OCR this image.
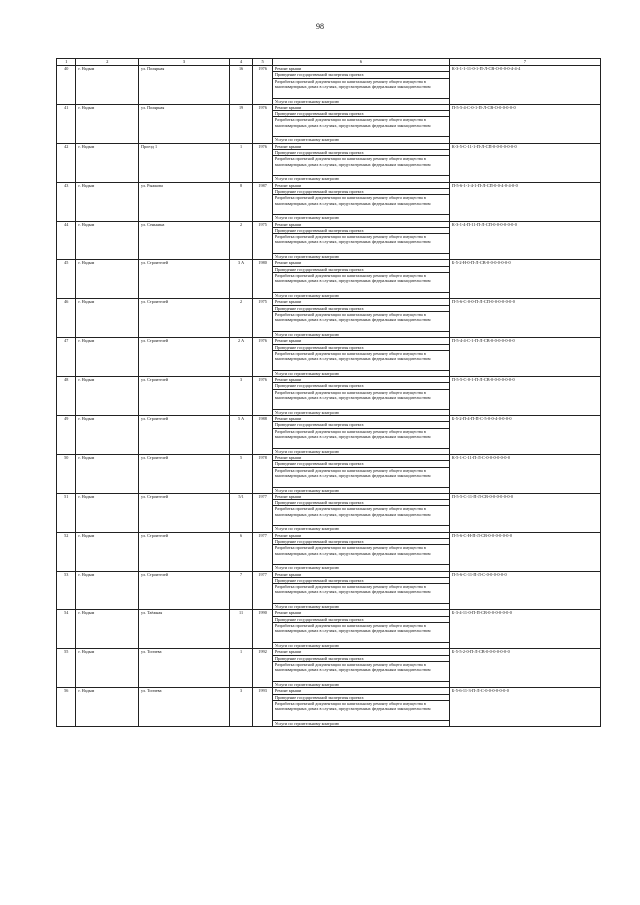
98
1	2	3	4	5	6	7
40	г. Надым	ул. Полярная	16	1976	Ремонт крыши	К-3-1-1-11-0-1-П-Л-СВ-О-0-0-0-4-4-4
					Проведение государственной экспертизы проекта	
					Разработка проектной документации по капитальному ремонту общего имущества в многоквартирных домах в случаях, предусмотренных федеральным законодательством	
					Услуги по строительному контролю	
41	г. Надым	ул. Полярная	19	1976	Ремонт крыши	П-5-5-4-С-0-1-П-Л-СВ-О-0-0-0-0-0
					Проведение государственной экспертизы проекта	
					Разработка проектной документации по капитальному ремонту общего имущества в многоквартирных домах в случаях, предусмотренных федеральным законодательством	
					Услуги по строительному контролю	
42	г. Надым	Проезд 1	1	1976	Ремонт крыши	К-3-5-С-11-1-П-Л-СП-0-0-0-0-0-0-0
					Проведение государственной экспертизы проекта	
					Разработка проектной документации по капитальному ремонту общего имущества в многоквартирных домах в случаях, предусмотренных федеральным законодательством	
					Услуги по строительному контролю	
43	г. Надым	ул. Рыжкова	8	1987	Ремонт крыши	П-5-6-1-1-4-1-П-Л-СП-0-0-4-0-4-0-0
					Проведение государственной экспертизы проекта	
					Разработка проектной документации по капитальному ремонту общего имущества в многоквартирных домах в случаях, предусмотренных федеральным законодательством	
					Услуги по строительному контролю	
44	г. Надым	ул. Сенькина	2	1975	Ремонт крыши	К-3-1-4-П-11-П-Л-СП-0-0-0-0-0-0-0
					Проведение государственной экспертизы проекта	
					Разработка проектной документации по капитальному ремонту общего имущества в многоквартирных домах в случаях, предусмотренных федеральным законодательством	
					Услуги по строительному контролю	
45	г. Надым	ул. Строителей	3 А	1980	Ремонт крыши	Б-5-2-Н-0-П-Л-СВ-0-0-0-0-0-0-0
					Проведение государственной экспертизы проекта	
					Разработка проектной документации по капитальному ремонту общего имущества в многоквартирных домах в случаях, предусмотренных федеральным законодательством	
					Услуги по строительному контролю	
46	г. Надым	ул. Строителей	2	1975	Ремонт крыши	П-5-6-С-0-0-П-Л-СП-0-0-0-0-0-0-0
					Проведение государственной экспертизы проекта	
					Разработка проектной документации по капитальному ремонту общего имущества в многоквартирных домах в случаях, предусмотренных федеральным законодательством	
					Услуги по строительному контролю	
47	г. Надым	ул. Строителей	2 А	1976	Ремонт крыши	П-5-4-4-С-1-П-Л-СВ-0-0-0-0-0-0-0
					Проведение государственной экспертизы проекта	
					Разработка проектной документации по капитальному ремонту общего имущества в многоквартирных домах в случаях, предусмотренных федеральным законодательством	
					Услуги по строительному контролю	
48	г. Надым	ул. Строителей	3	1976	Ремонт крыши	П-5-5-С-0-1-П-Л-СВ-0-0-0-0-0-0-0
					Проведение государственной экспертизы проекта	
					Разработка проектной документации по капитальному ремонту общего имущества в многоквартирных домах в случаях, предусмотренных федеральным законодательством	
					Услуги по строительному контролю	
49	г. Надым	ул. Строителей	5 А	1988	Ремонт крыши	Б-5-2-П-4-П-П-С-5-0-0-4-0-0-0-0
					Проведение государственной экспертизы проекта	
					Разработка проектной документации по капитальному ремонту общего имущества в многоквартирных домах в случаях, предусмотренных федеральным законодательством	
					Услуги по строительному контролю	
50	г. Надым	ул. Строителей	5	1978	Ремонт крыши	К-5-1-С-11-П-Л-С-0-0-0-0-0-0-0
					Проведение государственной экспертизы проекта	
					Разработка проектной документации по капитальному ремонту общего имущества в многоквартирных домах в случаях, предусмотренных федеральным законодательством	
					Услуги по строительному контролю	
51	г. Надым	ул. Строителей	5/1	1977	Ремонт крыши	П-5-5-С-11-П-Л-СВ-0-0-0-0-0-0-0
					Проведение государственной экспертизы проекта	
					Разработка проектной документации по капитальному ремонту общего имущества в многоквартирных домах в случаях, предусмотренных федеральным законодательством	
					Услуги по строительному контролю	
52	г. Надым	ул. Строителей	6	1977	Ремонт крыши	П-5-6-С-Н-П-Л-СВ-0-0-0-0-0-0-0
					Проведение государственной экспертизы проекта	
					Разработка проектной документации по капитальному ремонту общего имущества в многоквартирных домах в случаях, предусмотренных федеральным законодательством	
					Услуги по строительному контролю	
53	г. Надым	ул. Строителей	7	1977	Ремонт крыши	П-5-6-С-11-П-Л-С-0-0-0-0-0-0
					Проведение государственной экспертизы проекта	
					Разработка проектной документации по капитальному ремонту общего имущества в многоквартирных домах в случаях, предусмотренных федеральным законодательством	
					Услуги по строительному контролю	
54	г. Надым	ул. Таёжная	11	1990	Ремонт крыши	Б-3-4-11-0-П-П-СВ-0-0-0-0-0-0-0
					Проведение государственной экспертизы проекта	
					Разработка проектной документации по капитальному ремонту общего имущества в многоквартирных домах в случаях, предусмотренных федеральным законодательством	
					Услуги по строительному контролю	
55	г. Надым	ул. Топчева	1	1992	Ремонт крыши	Б-5-5-2-0-П-Л-СВ-0-0-0-0-0-0-0
					Проведение государственной экспертизы проекта	
					Разработка проектной документации по капитальному ремонту общего имущества в многоквартирных домах в случаях, предусмотренных федеральным законодательством	
					Услуги по строительному контролю	
56	г. Надым	ул. Топчева	3	1993	Ремонт крыши	Б-5-6-11-3-П-Л-С-0-0-0-0-0-0-0
					Проведение государственной экспертизы проекта	
					Разработка проектной документации по капитальному ремонту общего имущества в многоквартирных домах в случаях, предусмотренных федеральным законодательством	
					Услуги по строительному контролю	
